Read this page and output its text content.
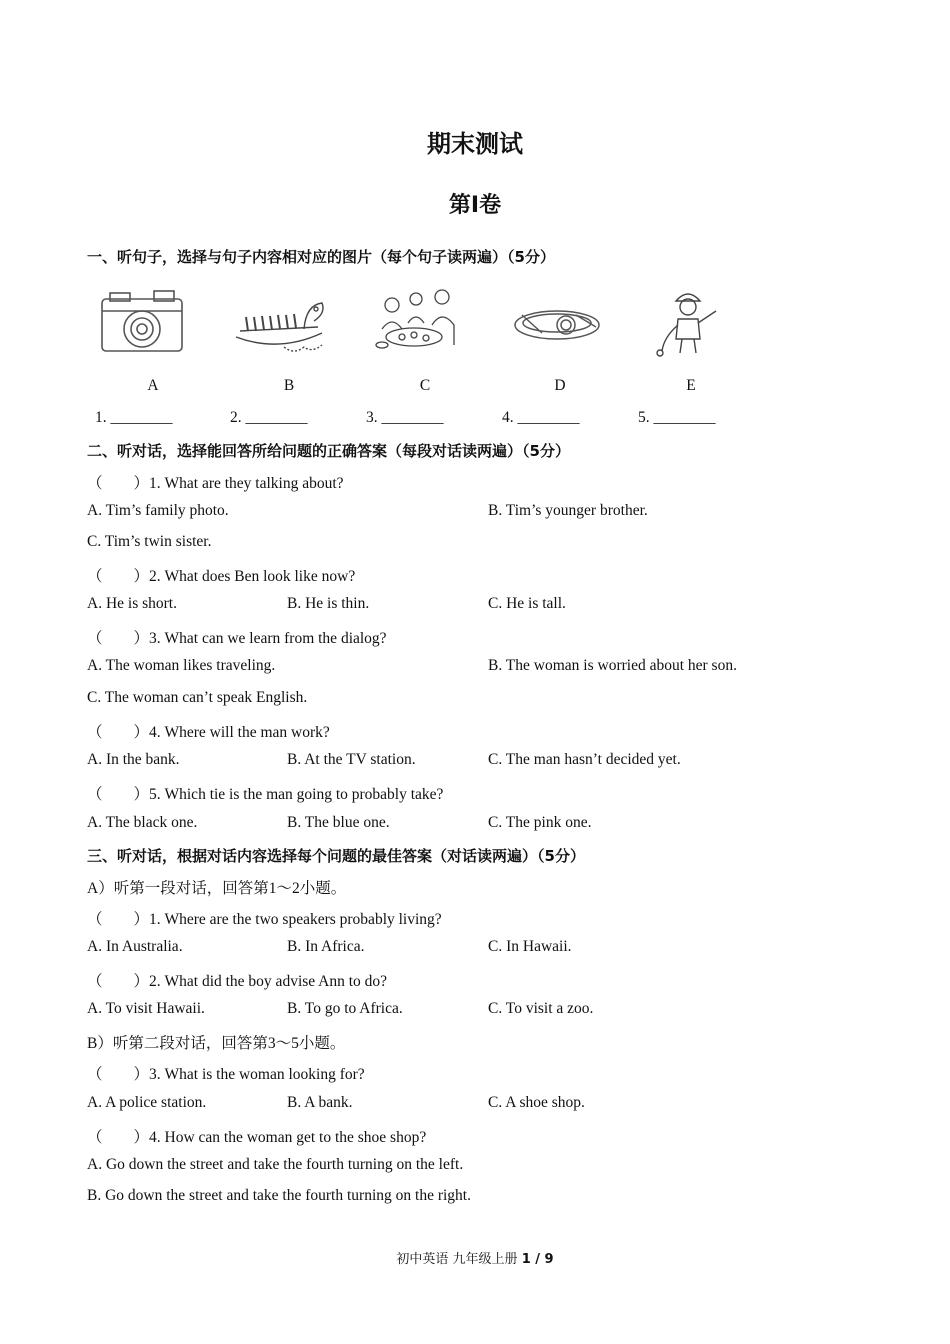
期末测试
第Ⅰ卷
一、听句子，选择与句子内容相对应的图片（每个句子读两遍）（5分）
A	B	C	D	E
1. ________	2. ________	3. ________	4. ________	5. ________
二、听对话，选择能回答所给问题的正确答案（每段对话读两遍）（5分）
（　　）1. What are they talking about?
A. Tim’s family photo.	B. Tim’s younger brother.
C. Tim’s twin sister.
（　　）2. What does Ben look like now?
A. He is short.	B. He is thin.	C. He is tall.
（　　）3. What can we learn from the dialog?
A. The woman likes traveling.	B. The woman is worried about her son.
C. The woman can’t speak English.
（　　）4. Where will the man work?
A. In the bank.	B. At the TV station.	C. The man hasn’t decided yet.
（　　）5. Which tie is the man going to probably take?
A. The black one.	B. The blue one.	C. The pink one.
三、听对话，根据对话内容选择每个问题的最佳答案（对话读两遍）（5分）
A）听第一段对话，回答第1～2小题。
（　　）1. Where are the two speakers probably living?
A. In Australia.	B. In Africa.	C. In Hawaii.
（　　）2. What did the boy advise Ann to do?
A. To visit Hawaii.	B. To go to Africa.	C. To visit a zoo.
B）听第二段对话，回答第3～5小题。
（　　）3. What is the woman looking for?
A. A police station.	B. A bank.	C. A shoe shop.
（　　）4. How can the woman get to the shoe shop?
A. Go down the street and take the fourth turning on the left.
B. Go down the street and take the fourth turning on the right.
初中英语 九年级上册 1 / 9
